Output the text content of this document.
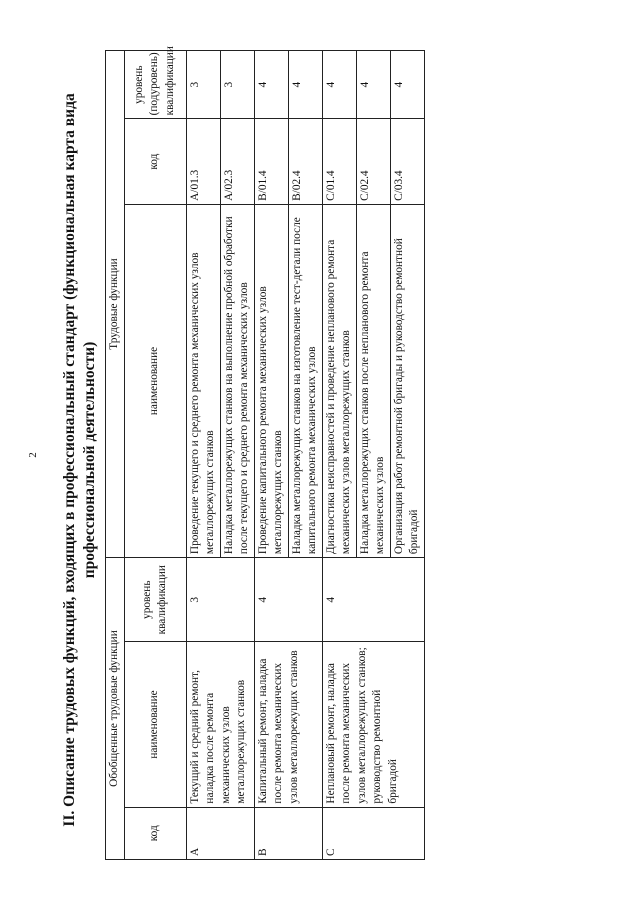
2 II. Описание трудовых функций, входящих в профессиональный стандарт (функциональная карта вида профессиональной деятельности)
Обобщенные трудовые функции			Трудовые функции		
код	наименование	уровень квалификации	наименование	код	уровень (подуровень) квалификации
A	Текущий и средний ремонт, наладка после ремонта механических узлов металлорежущих станков	3	Проведение текущего и среднего ремонта механических узлов металлорежущих станков	A/01.3	3
			Наладка металлорежущих станков на выполнение пробной обработки после текущего и среднего ремонта механических узлов	A/02.3	3
B	Капитальный ремонт, наладка после ремонта механических узлов металлорежущих станков	4	Проведение капитального ремонта механических узлов металлорежущих станков	B/01.4	4
			Наладка металлорежущих станков на изготовление тест-детали после капитального ремонта механических узлов	B/02.4	4
C	Неплановый ремонт, наладка после ремонта механических узлов металлорежущих станков; руководство ремонтной бригадой	4	Диагностика неисправностей и проведение непланового ремонта механических узлов металлорежущих станков	C/01.4	4
			Наладка металлорежущих станков после непланового ремонта механических узлов	C/02.4	4
			Организация работ ремонтной бригады и руководство ремонтной бригадой	C/03.4	4
